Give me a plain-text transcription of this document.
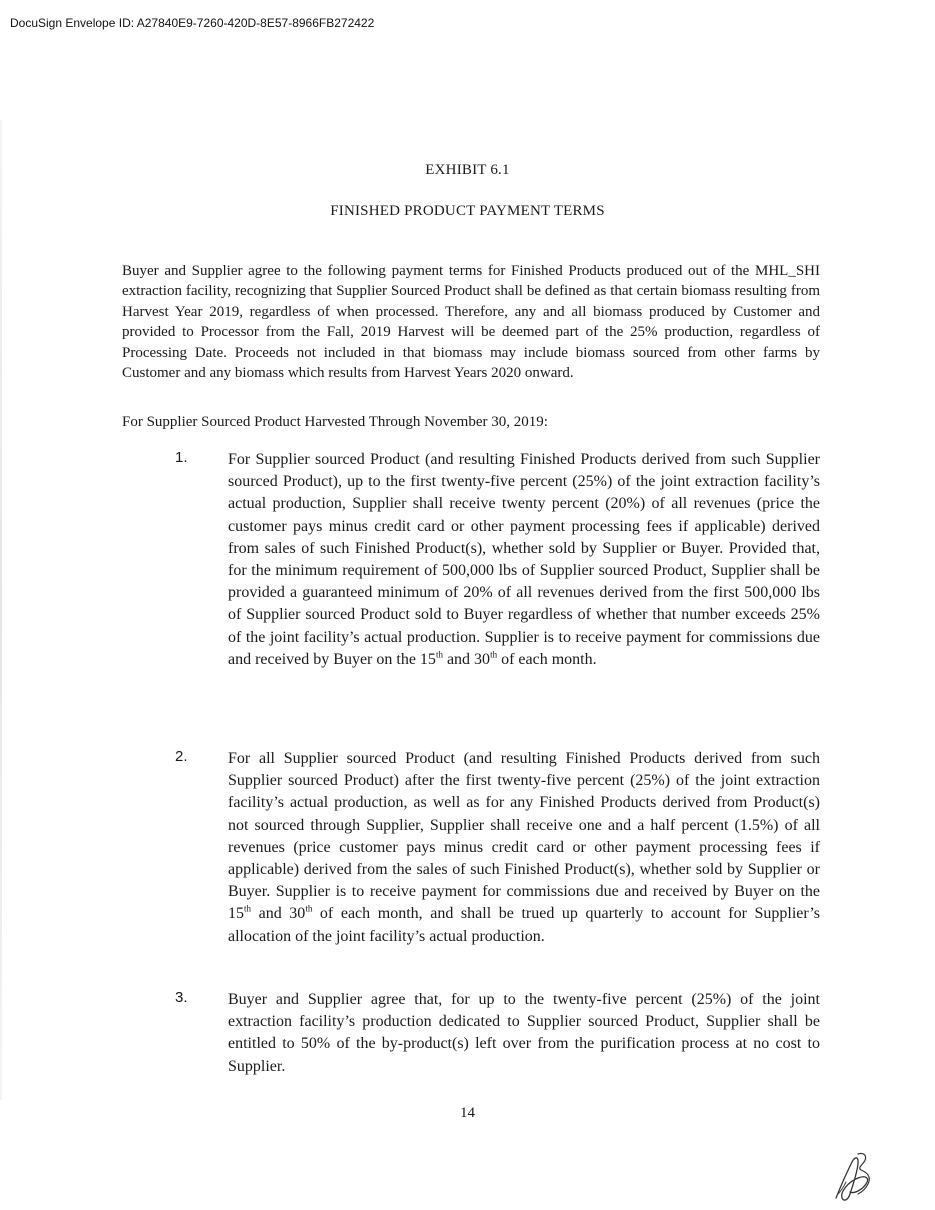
DocuSign Envelope ID: A27840E9-7260-420D-8E57-8966FB272422
EXHIBIT 6.1
FINISHED PRODUCT PAYMENT TERMS

Buyer and Supplier agree to the following payment terms for Finished Products produced out of the MHL_SHI extraction facility, recognizing that Supplier Sourced Product shall be defined as that certain biomass resulting from Harvest Year 2019, regardless of when processed. Therefore, any and all biomass produced by Customer and provided to Processor from the Fall, 2019 Harvest will be deemed part of the 25% production, regardless of Processing Date. Proceeds not included in that biomass may include biomass sourced from other farms by Customer and any biomass which results from Harvest Years 2020 onward.

For Supplier Sourced Product Harvested Through November 30, 2019:

1.	For Supplier sourced Product (and resulting Finished Products derived from such Supplier sourced Product), up to the first twenty-five percent (25%) of the joint extraction facility’s actual production, Supplier shall receive twenty percent (20%) of all revenues (price the customer pays minus credit card or other payment processing fees if applicable) derived from sales of such Finished Product(s), whether sold by Supplier or Buyer. Provided that, for the minimum requirement of 500,000 lbs of Supplier sourced Product, Supplier shall be provided a guaranteed minimum of 20% of all revenues derived from the first 500,000 lbs of Supplier sourced Product sold to Buyer regardless of whether that number exceeds 25% of the joint facility’s actual production. Supplier is to receive payment for commissions due and received by Buyer on the 15th and 30th of each month.
2.	For all Supplier sourced Product (and resulting Finished Products derived from such Supplier sourced Product) after the first twenty-five percent (25%) of the joint extraction facility’s actual production, as well as for any Finished Products derived from Product(s) not sourced through Supplier, Supplier shall receive one and a half percent (1.5%) of all revenues (price customer pays minus credit card or other payment processing fees if applicable) derived from the sales of such Finished Product(s), whether sold by Supplier or Buyer. Supplier is to receive payment for commissions due and received by Buyer on the 15th and 30th of each month, and shall be trued up quarterly to account for Supplier’s allocation of the joint facility’s actual production.
3.	Buyer and Supplier agree that, for up to the twenty-five percent (25%) of the joint extraction facility’s production dedicated to Supplier sourced Product, Supplier shall be entitled to 50% of the by-product(s) left over from the purification process at no cost to Supplier.
14
